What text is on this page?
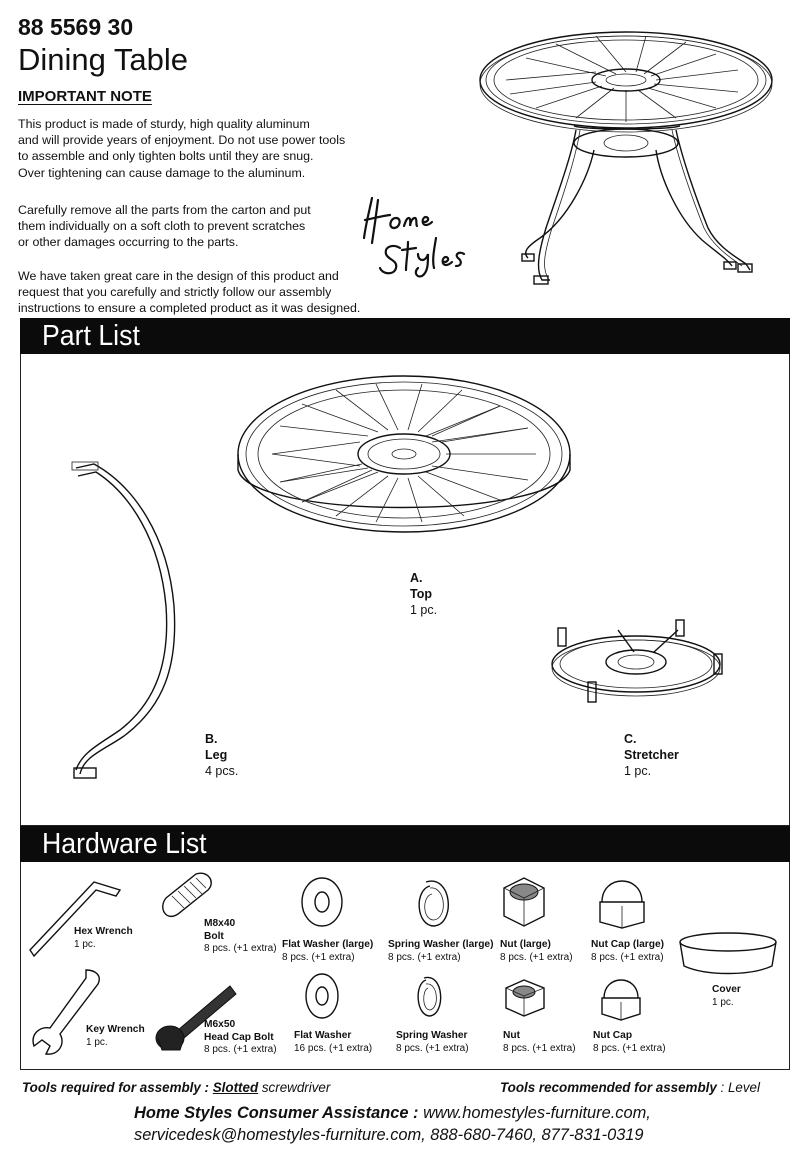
88 5569 30
Dining Table
IMPORTANT NOTE

This product is made of sturdy, high quality aluminum
and will provide years of enjoyment. Do not use power tools
to assemble and only tighten bolts until they are snug.
Over tightening can cause damage to the aluminum.

Carefully remove all the parts from the carton and put
them individually on a soft cloth to prevent scratches
or other damages occurring to the parts.

We have taken great care in the design of this product and
request that you carefully and strictly follow our assembly
instructions to ensure a completed product as it was designed.

Part List
A.
Top
1 pc.
B.
Leg
4 pcs.
C.
Stretcher
1 pc.
Hardware List
Hex Wrench
1 pc.
M8x40
Bolt
8 pcs. (+1 extra) Flat Washer (large)
8 pcs. (+1 extra)
Spring Washer (large)
8 pcs. (+1 extra)
Nut (large)
8 pcs. (+1 extra)
Nut Cap (large)
8 pcs. (+1 extra)
Cover
1 pc.
Key Wrench
1 pc.
M6x50
Head Cap Bolt
8 pcs. (+1 extra)
Flat Washer
16 pcs. (+1 extra)
Spring Washer
8 pcs. (+1 extra)
Nut
8 pcs. (+1 extra)
Nut Cap
8 pcs. (+1 extra)
Tools required for assembly : Slotted screwdriver	Tools recommended for assembly : Level
Home Styles Consumer Assistance : www.homestyles-furniture.com,
servicedesk@homestyles-furniture.com, 888-680-7460, 877-831-0319
